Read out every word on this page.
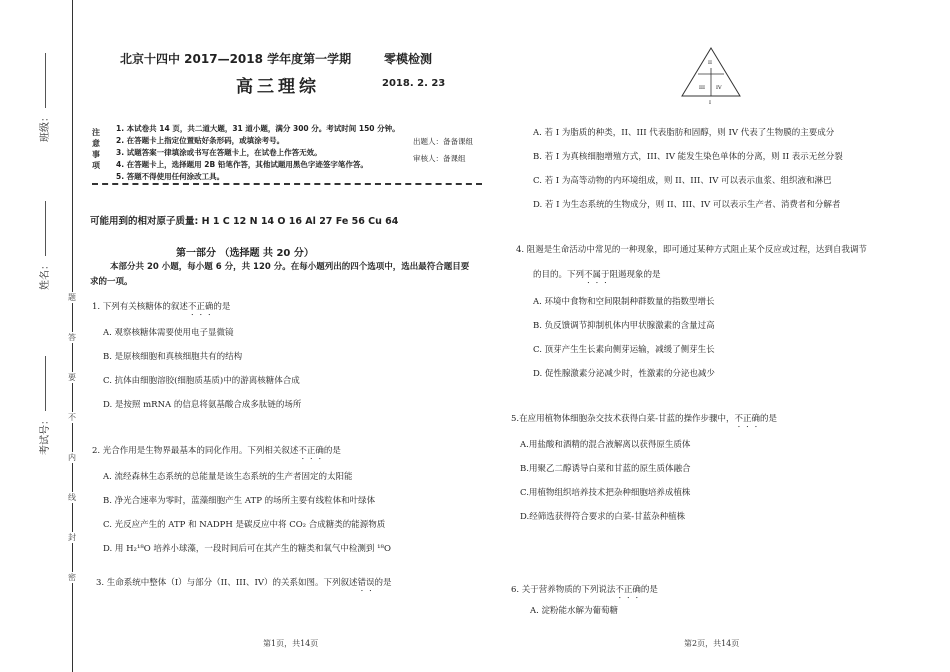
班级：
姓名：
考试号：
题
答
要
不
内
线
封
密
北京十四中 2017—2018 学年度第一学期	零模检测
高三理综	2018. 2. 23
注
意
事
项
1. 本试卷共 14 页，共二道大题，31 道小题，满分 300 分。考试时间 150 分钟。
2. 在答题卡上指定位置贴好条形码，或填涂考号。
3. 试题答案一律填涂或书写在答题卡上，在试卷上作答无效。
4. 在答题卡上，选择题用 2B 铅笔作答，其他试题用黑色字迹签字笔作答。
5. 答题不得使用任何涂改工具。
出题人：备备课组
审核人：备课组
可能用到的相对原子质量: H 1 C 12 N 14 O 16 Al 27 Fe 56 Cu 64
第一部分 （选择题 共 20 分）
本部分共 20 小题，每小题 6 分，共 120 分。在每小题列出的四个选项中，选出最符合题目要
求的一项。
1. 下列有关核糖体的叙述不正确的是
A. 观察核糖体需要使用电子显微镜
B. 是原核细胞和真核细胞共有的结构
C. 抗体由细胞溶胶(细胞质基质)中的游离核糖体合成
D. 是按照 mRNA 的信息将氨基酸合成多肽链的场所
2. 光合作用是生物界最基本的同化作用。下列相关叙述不正确的是
A. 流经森林生态系统的总能量是该生态系统的生产者固定的太阳能
B. 净光合速率为零时，蓝藻细胞产生 ATP 的场所主要有线粒体和叶绿体
C. 光反应产生的 ATP 和 NADPH 是碳反应中将 CO₂ 合成糖类的能源物质
D. 用 H₂¹⁸O 培养小球藻，一段时间后可在其产生的糖类和氧气中检测到 ¹⁸O
3. 生命系统中整体（I）与部分（II、III、IV）的关系如图。下列叙述错误的是
II
III IV
I
A. 若 I 为脂质的种类，II、III 代表脂肪和固醇，则 IV 代表了生物膜的主要成分
B. 若 I 为真核细胞增殖方式，III、IV 能发生染色单体的分离，则 II 表示无丝分裂
C. 若 I 为高等动物的内环境组成，则 II、III、IV 可以表示血浆、组织液和淋巴
D. 若 I 为生态系统的生物成分，则 II、III、IV 可以表示生产者、消费者和分解者
4. 阻遏是生命活动中常见的一种现象，即可通过某种方式阻止某个反应或过程，达到自我调节
的目的。下列不属于阻遏现象的是
A. 环境中食物和空间限制种群数量的指数型增长
B. 负反馈调节抑制机体内甲状腺激素的含量过高
C. 顶芽产生生长素向侧芽运输，减缓了侧芽生长
D. 促性腺激素分泌减少时，性激素的分泌也减少
5.在应用植物体细胞杂交技术获得白菜-甘蓝的操作步骤中，不正确的是
A.用盐酸和酒精的混合液解离以获得原生质体
B.用聚乙二醇诱导白菜和甘蓝的原生质体融合
C.用植物组织培养技术把杂种细胞培养成植株
D.经筛选获得符合要求的白菜-甘蓝杂种植株
6. 关于营养物质的下列说法不正确的是
A. 淀粉能水解为葡萄糖
第1页，共14页	第2页，共14页
